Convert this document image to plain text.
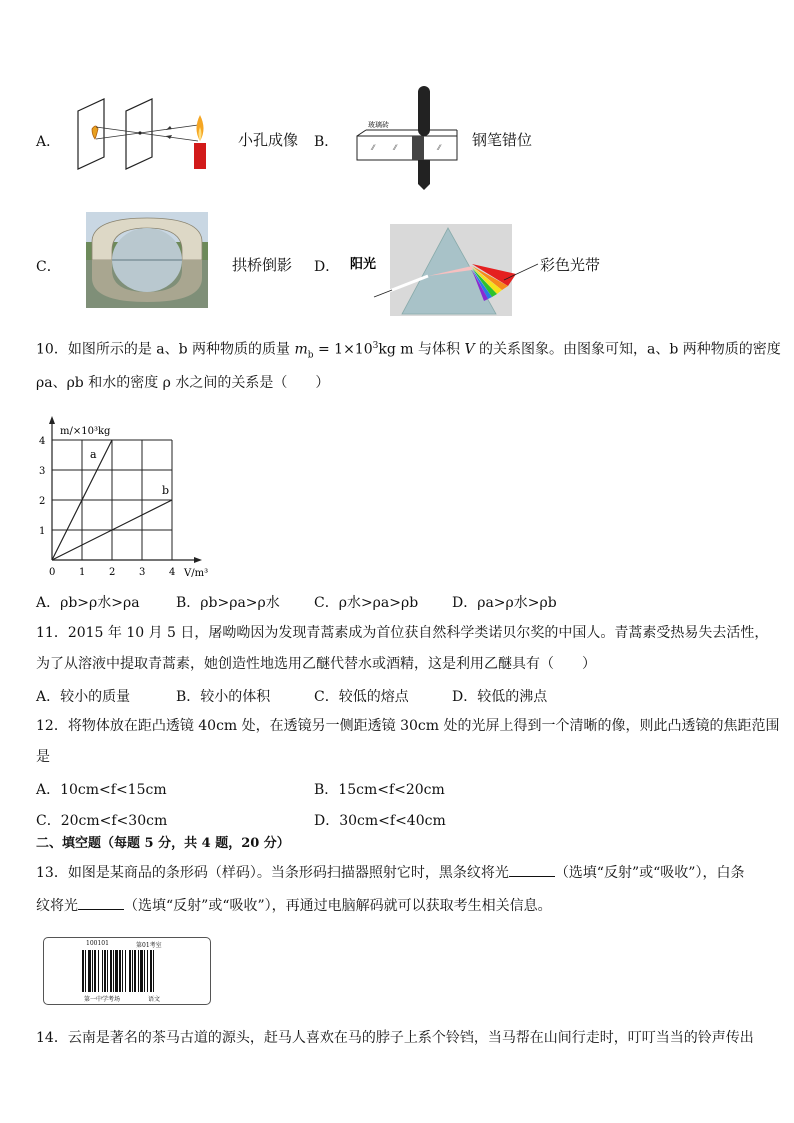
A．	小孔成像 B．
玻璃砖
⁄⁄	⁄⁄	⁄⁄ 钢笔错位
C．	拱桥倒影 D． 阳光	彩色光带
10．如图所示的是 a、b 两种物质的质量 $m_b = 1\times 10^3kg$ m 与体积 V 的关系图象。由图象可知，a、b 两种物质的密度
ρa、ρb 和水的密度 ρ 水之间的关系是（　　）
0 1 2 3 4
1
2
3
4
m/×10³kg
V/m³
a
b
A．ρb>ρ水>ρa	B．ρb>ρa>ρ水 C．ρ水>ρa>ρb D．ρa>ρ水>ρb
11．2015 年 10 月 5 日，屠呦呦因为发现青蒿素成为首位获自然科学类诺贝尔奖的中国人。青蒿素受热易失去活性，
为了从溶液中提取青蒿素，她创造性地选用乙醚代替水或酒精，这是利用乙醚具有（　　）
A．较小的质量	B．较小的体积	C．较低的熔点	D．较低的沸点
12．将物体放在距凸透镜 40cm 处，在透镜另一侧距透镜 30cm 处的光屏上得到一个清晰的像，则此凸透镜的焦距范围
是
A．10cm<f<15cm	B．15cm<f<20cm
C．20cm<f<30cm	D．30cm<f<40cm
二、填空题（每题 5 分，共 4 题，20 分）
13．如图是某商品的条形码（样码）。当条形码扫描器照射它时，黑条纹将光	（选填“反射”或“吸收”），白条
纹将光	（选填“反射”或“吸收”），再通过电脑解码就可以获取考生相关信息。
100101	第01考室
第一中学考场	语文
14．云南是著名的茶马古道的源头，赶马人喜欢在马的脖子上系个铃铛，当马帮在山间行走时，叮叮当当的铃声传出
